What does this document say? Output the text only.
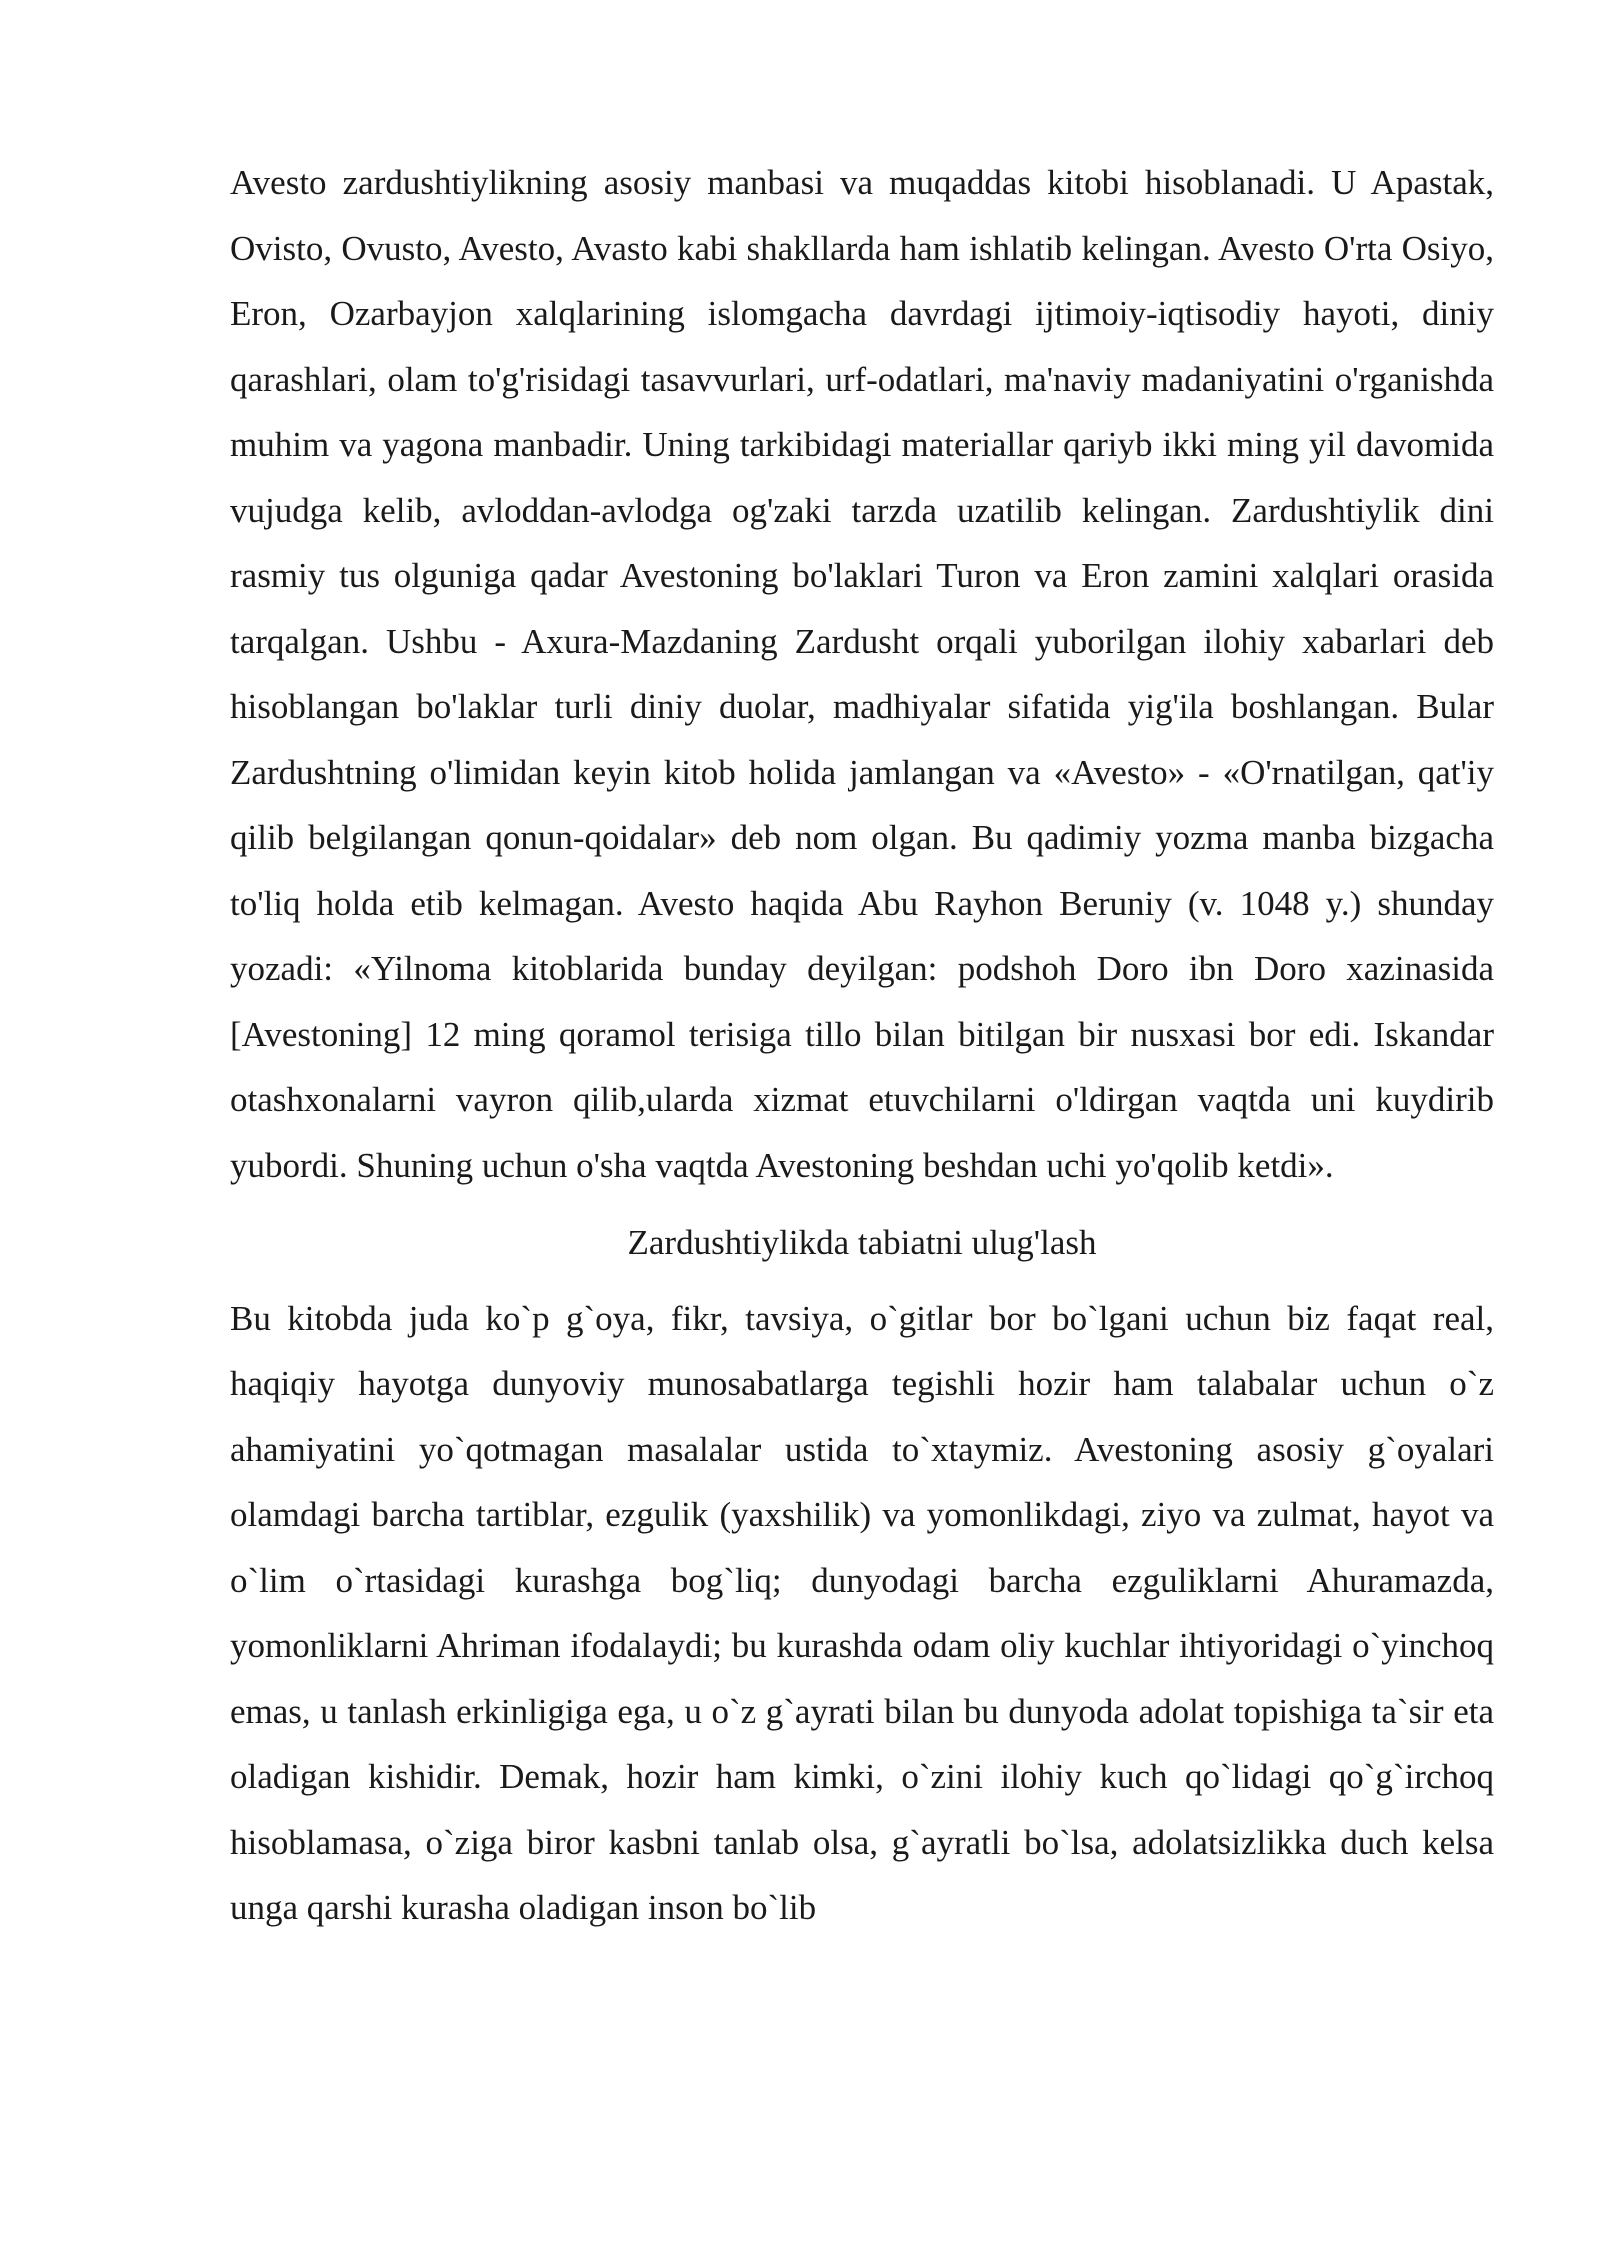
Avesto zardushtiylikning asosiy manbasi va muqaddas kitobi hisoblanadi. U Apastak, Ovisto, Ovusto, Avesto, Avasto kabi shakllarda ham ishlatib kelingan. Avesto O'rta Osiyo, Eron, Ozarbayjon xalqlarining islomgacha davrdagi ijtimoiy-iqtisodiy hayoti, diniy qarashlari, olam to'g'risidagi tasavvurlari, urf-odatlari, ma'naviy madaniyatini o'rganishda muhim va yagona manbadir. Uning tarkibidagi materiallar qariyb ikki ming yil davomida vujudga kelib, avloddan-avlodga og'zaki tarzda uzatilib kelingan. Zardushtiylik dini rasmiy tus olguniga qadar Avestoning bo'laklari Turon va Eron zamini xalqlari orasida tarqalgan. Ushbu - Axura-Mazdaning Zardusht orqali yuborilgan ilohiy xabarlari deb hisoblangan bo'laklar turli diniy duolar, madhiyalar sifatida yig'ila boshlangan. Bular Zardushtning o'limidan keyin kitob holida jamlangan va «Avesto» - «O'rnatilgan, qat'iy qilib belgilangan qonun-qoidalar» deb nom olgan. Bu qadimiy yozma manba bizgacha to'liq holda etib kelmagan. Avesto haqida Abu Rayhon Beruniy (v. 1048 y.) shunday yozadi: «Yilnoma kitoblarida bunday deyilgan: podshoh Doro ibn Doro xazinasida [Avestoning] 12 ming qoramol terisiga tillo bilan bitilgan bir nusxasi bor edi. Iskandar otashxonalarni vayron qilib,ularda xizmat etuvchilarni o'ldirgan vaqtda uni kuydirib yubordi. Shuning uchun o'sha vaqtda Avestoning beshdan uchi yo'qolib ketdi».

Zardushtiylikda tabiatni ulug'lash

Bu kitobda juda ko`p g`oya, fikr, tavsiya, o`gitlar bor bo`lgani uchun biz faqat real, haqiqiy hayotga dunyoviy munosabatlarga tegishli hozir ham talabalar uchun o`z ahamiyatini yo`qotmagan masalalar ustida to`xtaymiz. Avestoning asosiy g`oyalari olamdagi barcha tartiblar, ezgulik (yaxshilik) va yomonlikdagi, ziyo va zulmat, hayot va o`lim o`rtasidagi kurashga bog`liq; dunyodagi barcha ezguliklarni Ahuramazda, yomonliklarni Ahriman ifodalaydi; bu kurashda odam oliy kuchlar ihtiyoridagi o`yinchoq emas, u tanlash erkinligiga ega, u o`z g`ayrati bilan bu dunyoda adolat topishiga ta`sir eta oladigan kishidir. Demak, hozir ham kimki, o`zini ilohiy kuch qo`lidagi qo`g`irchoq hisoblamasa, o`ziga biror kasbni tanlab olsa, g`ayratli bo`lsa, adolatsizlikka duch kelsa unga qarshi kurasha oladigan inson bo`lib
